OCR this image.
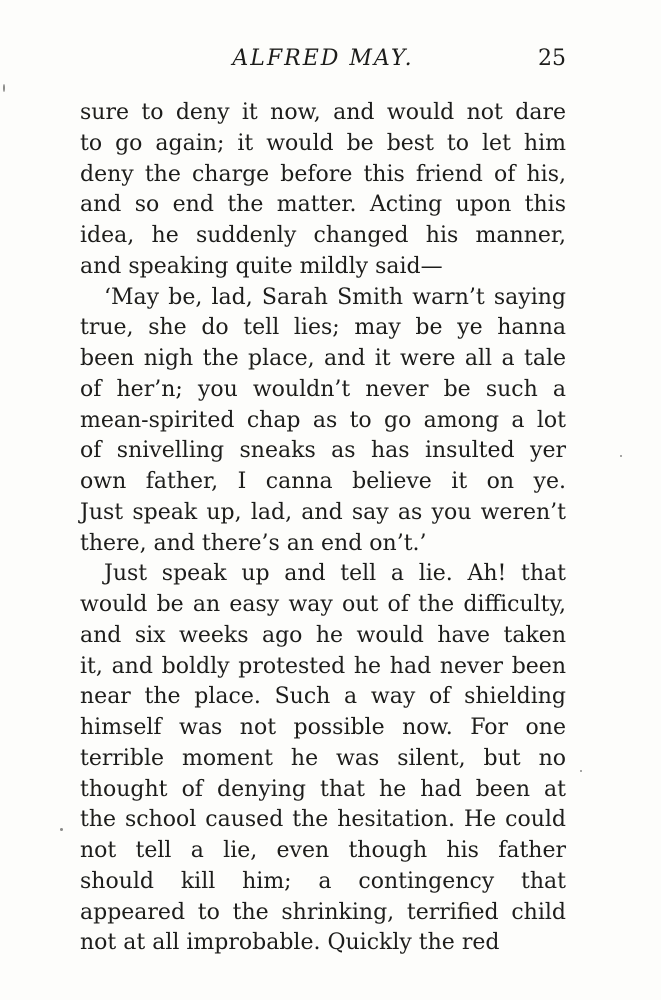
ALFRED MAY.	25
sure to deny it now, and would not dare
to go again; it would be best to let him
deny the charge before this friend of his,
and so end the matter. Acting upon this
idea, he suddenly changed his manner,
and speaking quite mildly said—
‘May be, lad, Sarah Smith warn’t saying
true, she do tell lies; may be ye hanna
been nigh the place, and it were all a tale
of her’n; you wouldn’t never be such a
mean-spirited chap as to go among a lot
of snivelling sneaks as has insulted yer
own father, I canna believe it on ye.
Just speak up, lad, and say as you weren’t
there, and there’s an end on’t.’
Just speak up and tell a lie. Ah! that
would be an easy way out of the difficulty,
and six weeks ago he would have taken
it, and boldly protested he had never been
near the place. Such a way of shielding
himself was not possible now. For one
terrible moment he was silent, but no
thought of denying that he had been at
the school caused the hesitation. He could
not tell a lie, even though his father
should kill him; a contingency that
appeared to the shrinking, terrified child
not at all improbable. Quickly the red
